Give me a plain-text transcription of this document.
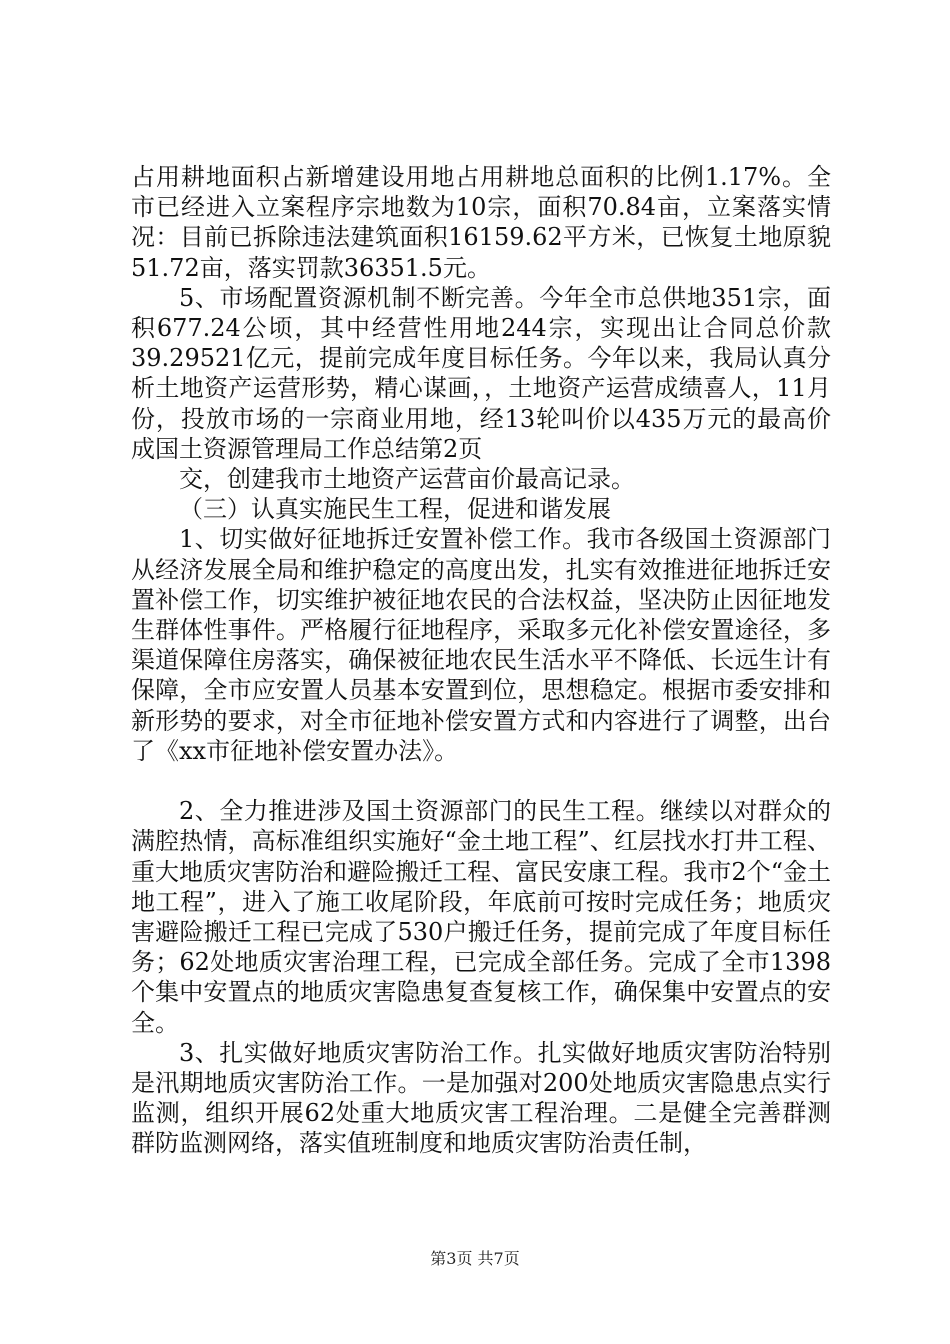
占用耕地面积占新增建设用地占用耕地总面积的比例1.17%。全市已经进入立案程序宗地数为10宗，面积70.84亩，立案落实情况：目前已拆除违法建筑面积16159.62平方米，已恢复土地原貌51.72亩，落实罚款36351.5元。

5、市场配置资源机制不断完善。今年全市总供地351宗，面积677.24公顷，其中经营性用地244宗，实现出让合同总价款39.29521亿元，提前完成年度目标任务。今年以来，我局认真分析土地资产运营形势，精心谋画，，土地资产运营成绩喜人，11月份，投放市场的一宗商业用地，经13轮叫价以435万元的最高价成国土资源管理局工作总结第2页

交，创建我市土地资产运营亩价最高记录。

（三）认真实施民生工程，促进和谐发展

1、切实做好征地拆迁安置补偿工作。我市各级国土资源部门从经济发展全局和维护稳定的高度出发，扎实有效推进征地拆迁安置补偿工作，切实维护被征地农民的合法权益，坚决防止因征地发生群体性事件。严格履行征地程序，采取多元化补偿安置途径，多渠道保障住房落实，确保被征地农民生活水平不降低、长远生计有保障，全市应安置人员基本安置到位，思想稳定。根据市委安排和新形势的要求，对全市征地补偿安置方式和内容进行了调整，出台了《xx市征地补偿安置办法》。

2、全力推进涉及国土资源部门的民生工程。继续以对群众的满腔热情，高标准组织实施好“金土地工程”、红层找水打井工程、重大地质灾害防治和避险搬迁工程、富民安康工程。我市2个“金土地工程”，进入了施工收尾阶段，年底前可按时完成任务；地质灾害避险搬迁工程已完成了530户搬迁任务，提前完成了年度目标任务；62处地质灾害治理工程，已完成全部任务。完成了全市1398个集中安置点的地质灾害隐患复查复核工作，确保集中安置点的安全。

3、扎实做好地质灾害防治工作。扎实做好地质灾害防治特别是汛期地质灾害防治工作。一是加强对200处地质灾害隐患点实行监测，组织开展62处重大地质灾害工程治理。二是健全完善群测群防监测网络，落实值班制度和地质灾害防治责任制，

第3页 共7页
